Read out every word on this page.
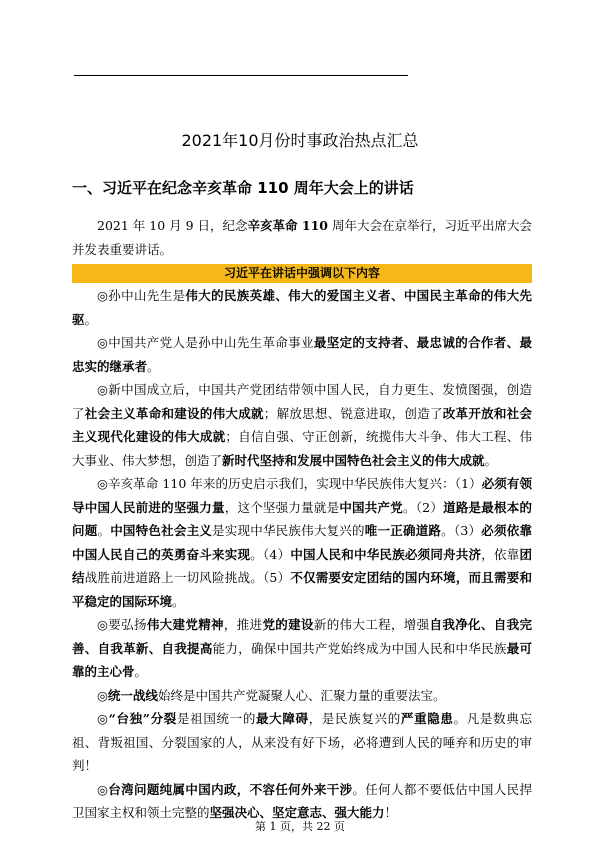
2021年10月份时事政治热点汇总
一、习近平在纪念辛亥革命 110 周年大会上的讲话

2021 年 10 月 9 日，纪念辛亥革命 110 周年大会在京举行，习近平出席大会并发表重要讲话。

习近平在讲话中强调以下内容

◎孙中山先生是伟大的民族英雄、伟大的爱国主义者、中国民主革命的伟大先驱。

◎中国共产党人是孙中山先生革命事业最坚定的支持者、最忠诚的合作者、最忠实的继承者。

◎新中国成立后，中国共产党团结带领中国人民，自力更生、发愤图强，创造了社会主义革命和建设的伟大成就；解放思想、锐意进取，创造了改革开放和社会主义现代化建设的伟大成就；自信自强、守正创新，统揽伟大斗争、伟大工程、伟大事业、伟大梦想，创造了新时代坚持和发展中国特色社会主义的伟大成就。

◎辛亥革命 110 年来的历史启示我们，实现中华民族伟大复兴：（1）必须有领导中国人民前进的坚强力量，这个坚强力量就是中国共产党。（2）道路是最根本的问题。中国特色社会主义是实现中华民族伟大复兴的唯一正确道路。（3）必须依靠中国人民自己的英勇奋斗来实现。（4）中国人民和中华民族必须同舟共济，依靠团结战胜前进道路上一切风险挑战。（5）不仅需要安定团结的国内环境，而且需要和平稳定的国际环境。

◎要弘扬伟大建党精神，推进党的建设新的伟大工程，增强自我净化、自我完善、自我革新、自我提高能力，确保中国共产党始终成为中国人民和中华民族最可靠的主心骨。

◎统一战线始终是中国共产党凝聚人心、汇聚力量的重要法宝。

◎“台独”分裂是祖国统一的最大障碍，是民族复兴的严重隐患。凡是数典忘祖、背叛祖国、分裂国家的人，从来没有好下场，必将遭到人民的唾弃和历史的审判！

◎台湾问题纯属中国内政，不容任何外来干涉。任何人都不要低估中国人民捍卫国家主权和领土完整的坚强决心、坚定意志、强大能力！

第 1 页，共 22 页
